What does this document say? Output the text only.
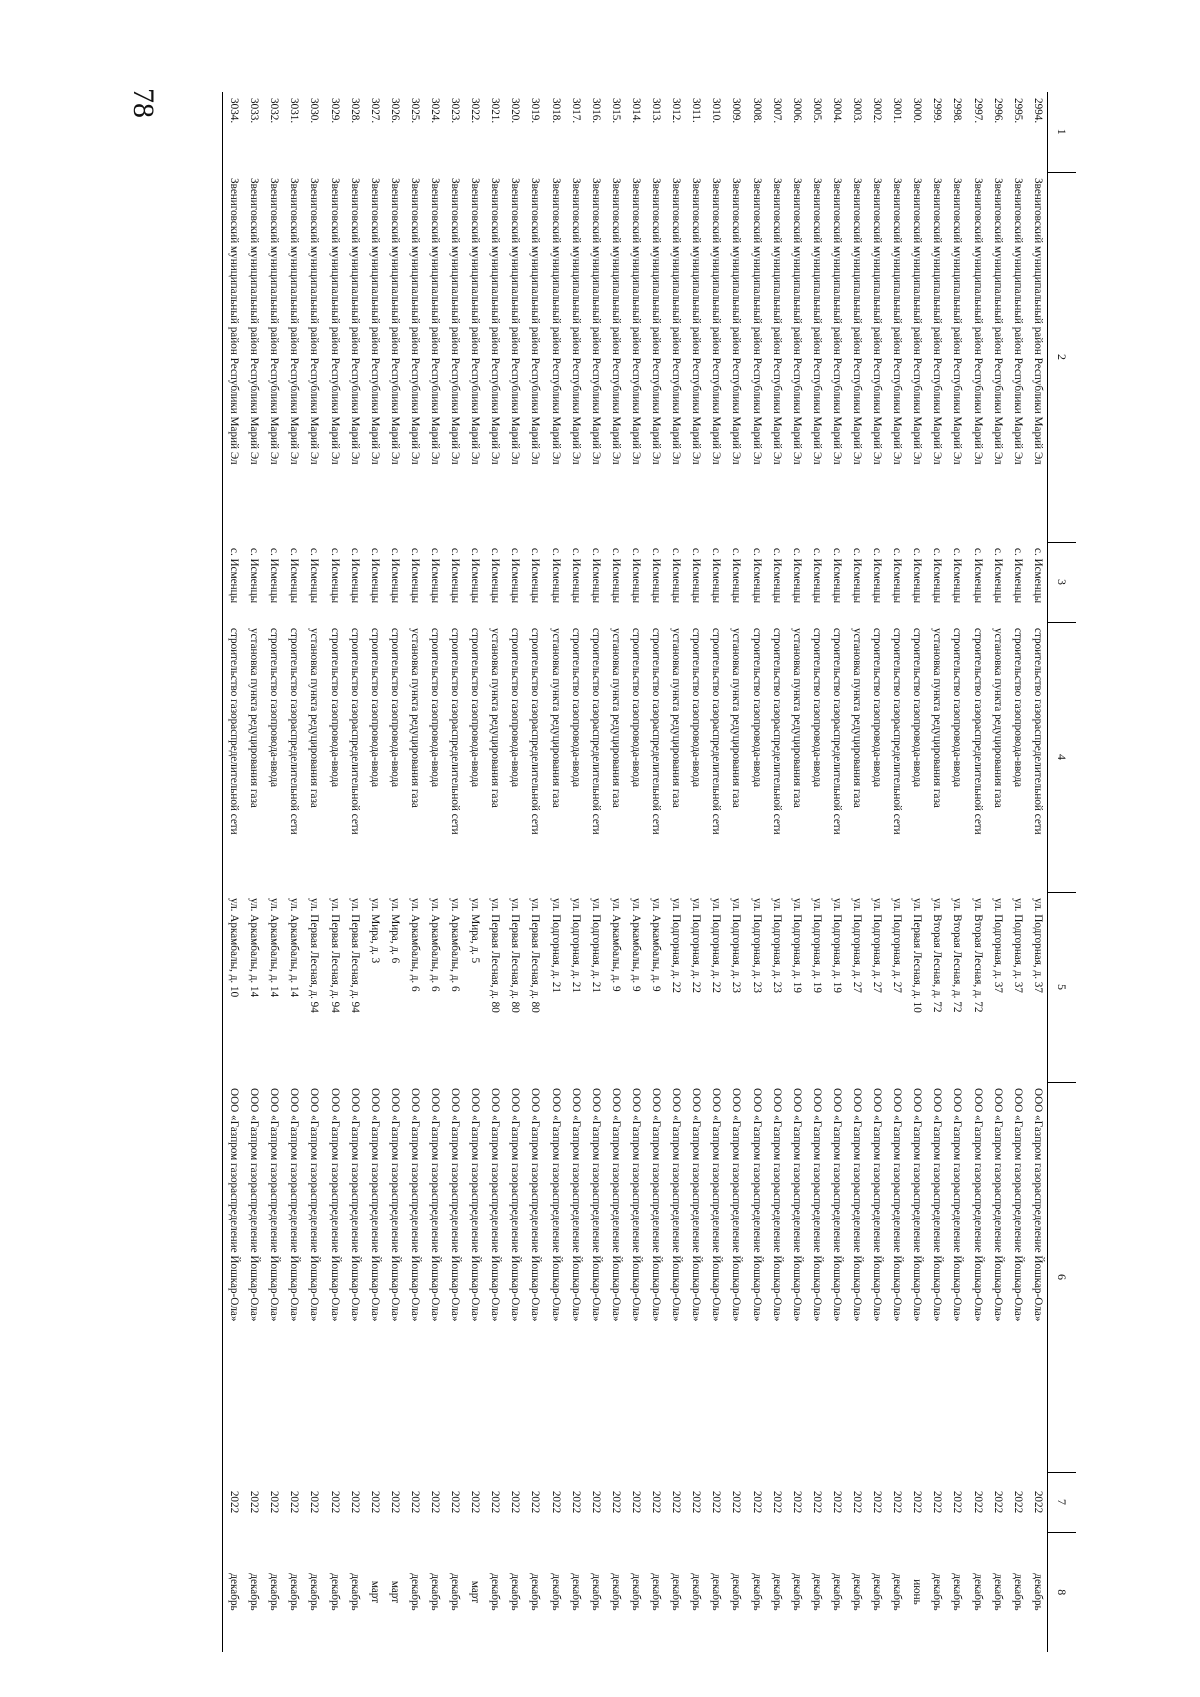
78
1	2	3	4	5	6	7	8
2994.	Звениговский муниципальный район Республики Марий Эл	с. Исменцы	строительство газораспределительной сети	ул. Подгорная, д. 37	ООО «Газпром газораспределение Йошкар-Ола»	2022	декабрь
2995.	Звениговский муниципальный район Республики Марий Эл	с. Исменцы	строительство газопровода-ввода	ул. Подгорная, д. 37	ООО «Газпром газораспределение Йошкар-Ола»	2022	декабрь
2996.	Звениговский муниципальный район Республики Марий Эл	с. Исменцы	установка пункта редуцирования газа	ул. Подгорная, д. 37	ООО «Газпром газораспределение Йошкар-Ола»	2022	декабрь
2997.	Звениговский муниципальный район Республики Марий Эл	с. Исменцы	строительство газораспределительной сети	ул. Вторая Лесная, д. 72	ООО «Газпром газораспределение Йошкар-Ола»	2022	декабрь
2998.	Звениговский муниципальный район Республики Марий Эл	с. Исменцы	строительство газопровода-ввода	ул. Вторая Лесная, д. 72	ООО «Газпром газораспределение Йошкар-Ола»	2022	декабрь
2999.	Звениговский муниципальный район Республики Марий Эл	с. Исменцы	установка пункта редуцирования газа	ул. Вторая Лесная, д. 72	ООО «Газпром газораспределение Йошкар-Ола»	2022	декабрь
3000.	Звениговский муниципальный район Республики Марий Эл	с. Исменцы	строительство газопровода-ввода	ул. Первая Лесная, д. 10	ООО «Газпром газораспределение Йошкар-Ола»	2022	июнь
3001.	Звениговский муниципальный район Республики Марий Эл	с. Исменцы	строительство газораспределительной сети	ул. Подгорная, д. 27	ООО «Газпром газораспределение Йошкар-Ола»	2022	декабрь
3002.	Звениговский муниципальный район Республики Марий Эл	с. Исменцы	строительство газопровода-ввода	ул. Подгорная, д. 27	ООО «Газпром газораспределение Йошкар-Ола»	2022	декабрь
3003.	Звениговский муниципальный район Республики Марий Эл	с. Исменцы	установка пункта редуцирования газа	ул. Подгорная, д. 27	ООО «Газпром газораспределение Йошкар-Ола»	2022	декабрь
3004.	Звениговский муниципальный район Республики Марий Эл	с. Исменцы	строительство газораспределительной сети	ул. Подгорная, д. 19	ООО «Газпром газораспределение Йошкар-Ола»	2022	декабрь
3005.	Звениговский муниципальный район Республики Марий Эл	с. Исменцы	строительство газопровода-ввода	ул. Подгорная, д. 19	ООО «Газпром газораспределение Йошкар-Ола»	2022	декабрь
3006.	Звениговский муниципальный район Республики Марий Эл	с. Исменцы	установка пункта редуцирования газа	ул. Подгорная, д. 19	ООО «Газпром газораспределение Йошкар-Ола»	2022	декабрь
3007.	Звениговский муниципальный район Республики Марий Эл	с. Исменцы	строительство газораспределительной сети	ул. Подгорная, д. 23	ООО «Газпром газораспределение Йошкар-Ола»	2022	декабрь
3008.	Звениговский муниципальный район Республики Марий Эл	с. Исменцы	строительство газопровода-ввода	ул. Подгорная, д. 23	ООО «Газпром газораспределение Йошкар-Ола»	2022	декабрь
3009.	Звениговский муниципальный район Республики Марий Эл	с. Исменцы	установка пункта редуцирования газа	ул. Подгорная, д. 23	ООО «Газпром газораспределение Йошкар-Ола»	2022	декабрь
3010.	Звениговский муниципальный район Республики Марий Эл	с. Исменцы	строительство газораспределительной сети	ул. Подгорная, д. 22	ООО «Газпром газораспределение Йошкар-Ола»	2022	декабрь
3011.	Звениговский муниципальный район Республики Марий Эл	с. Исменцы	строительство газопровода-ввода	ул. Подгорная, д. 22	ООО «Газпром газораспределение Йошкар-Ола»	2022	декабрь
3012.	Звениговский муниципальный район Республики Марий Эл	с. Исменцы	установка пункта редуцирования газа	ул. Подгорная, д. 22	ООО «Газпром газораспределение Йошкар-Ола»	2022	декабрь
3013.	Звениговский муниципальный район Республики Марий Эл	с. Исменцы	строительство газораспределительной сети	ул. Аркамбалы, д. 9	ООО «Газпром газораспределение Йошкар-Ола»	2022	декабрь
3014.	Звениговский муниципальный район Республики Марий Эл	с. Исменцы	строительство газопровода-ввода	ул. Аркамбалы, д. 9	ООО «Газпром газораспределение Йошкар-Ола»	2022	декабрь
3015.	Звениговский муниципальный район Республики Марий Эл	с. Исменцы	установка пункта редуцирования газа	ул. Аркамбалы, д. 9	ООО «Газпром газораспределение Йошкар-Ола»	2022	декабрь
3016.	Звениговский муниципальный район Республики Марий Эл	с. Исменцы	строительство газораспределительной сети	ул. Подгорная, д. 21	ООО «Газпром газораспределение Йошкар-Ола»	2022	декабрь
3017.	Звениговский муниципальный район Республики Марий Эл	с. Исменцы	строительство газопровода-ввода	ул. Подгорная, д. 21	ООО «Газпром газораспределение Йошкар-Ола»	2022	декабрь
3018.	Звениговский муниципальный район Республики Марий Эл	с. Исменцы	установка пункта редуцирования газа	ул. Подгорная, д. 21	ООО «Газпром газораспределение Йошкар-Ола»	2022	декабрь
3019.	Звениговский муниципальный район Республики Марий Эл	с. Исменцы	строительство газораспределительной сети	ул. Первая Лесная, д. 80	ООО «Газпром газораспределение Йошкар-Ола»	2022	декабрь
3020.	Звениговский муниципальный район Республики Марий Эл	с. Исменцы	строительство газопровода-ввода	ул. Первая Лесная, д. 80	ООО «Газпром газораспределение Йошкар-Ола»	2022	декабрь
3021.	Звениговский муниципальный район Республики Марий Эл	с. Исменцы	установка пункта редуцирования газа	ул. Первая Лесная, д. 80	ООО «Газпром газораспределение Йошкар-Ола»	2022	декабрь
3022.	Звениговский муниципальный район Республики Марий Эл	с. Исменцы	строительство газопровода-ввода	ул. Мира, д. 5	ООО «Газпром газораспределение Йошкар-Ола»	2022	март
3023.	Звениговский муниципальный район Республики Марий Эл	с. Исменцы	строительство газораспределительной сети	ул. Аркамбалы, д. 6	ООО «Газпром газораспределение Йошкар-Ола»	2022	декабрь
3024.	Звениговский муниципальный район Республики Марий Эл	с. Исменцы	строительство газопровода-ввода	ул. Аркамбалы, д. 6	ООО «Газпром газораспределение Йошкар-Ола»	2022	декабрь
3025.	Звениговский муниципальный район Республики Марий Эл	с. Исменцы	установка пункта редуцирования газа	ул. Аркамбалы, д. 6	ООО «Газпром газораспределение Йошкар-Ола»	2022	декабрь
3026.	Звениговский муниципальный район Республики Марий Эл	с. Исменцы	строительство газопровода-ввода	ул. Мира, д. 6	ООО «Газпром газораспределение Йошкар-Ола»	2022	март
3027.	Звениговский муниципальный район Республики Марий Эл	с. Исменцы	строительство газопровода-ввода	ул. Мира, д. 3	ООО «Газпром газораспределение Йошкар-Ола»	2022	март
3028.	Звениговский муниципальный район Республики Марий Эл	с. Исменцы	строительство газораспределительной сети	ул. Первая Лесная, д. 94	ООО «Газпром газораспределение Йошкар-Ола»	2022	декабрь
3029.	Звениговский муниципальный район Республики Марий Эл	с. Исменцы	строительство газопровода-ввода	ул. Первая Лесная, д. 94	ООО «Газпром газораспределение Йошкар-Ола»	2022	декабрь
3030.	Звениговский муниципальный район Республики Марий Эл	с. Исменцы	установка пункта редуцирования газа	ул. Первая Лесная, д. 94	ООО «Газпром газораспределение Йошкар-Ола»	2022	декабрь
3031.	Звениговский муниципальный район Республики Марий Эл	с. Исменцы	строительство газораспределительной сети	ул. Аркамбалы, д. 14	ООО «Газпром газораспределение Йошкар-Ола»	2022	декабрь
3032.	Звениговский муниципальный район Республики Марий Эл	с. Исменцы	строительство газопровода-ввода	ул. Аркамбалы, д. 14	ООО «Газпром газораспределение Йошкар-Ола»	2022	декабрь
3033.	Звениговский муниципальный район Республики Марий Эл	с. Исменцы	установка пункта редуцирования газа	ул. Аркамбалы, д. 14	ООО «Газпром газораспределение Йошкар-Ола»	2022	декабрь
3034.	Звениговский муниципальный район Республики Марий Эл	с. Исменцы	строительство газораспределительной сети	ул. Аркамбалы, д. 10	ООО «Газпром газораспределение Йошкар-Ола»	2022	декабрь
